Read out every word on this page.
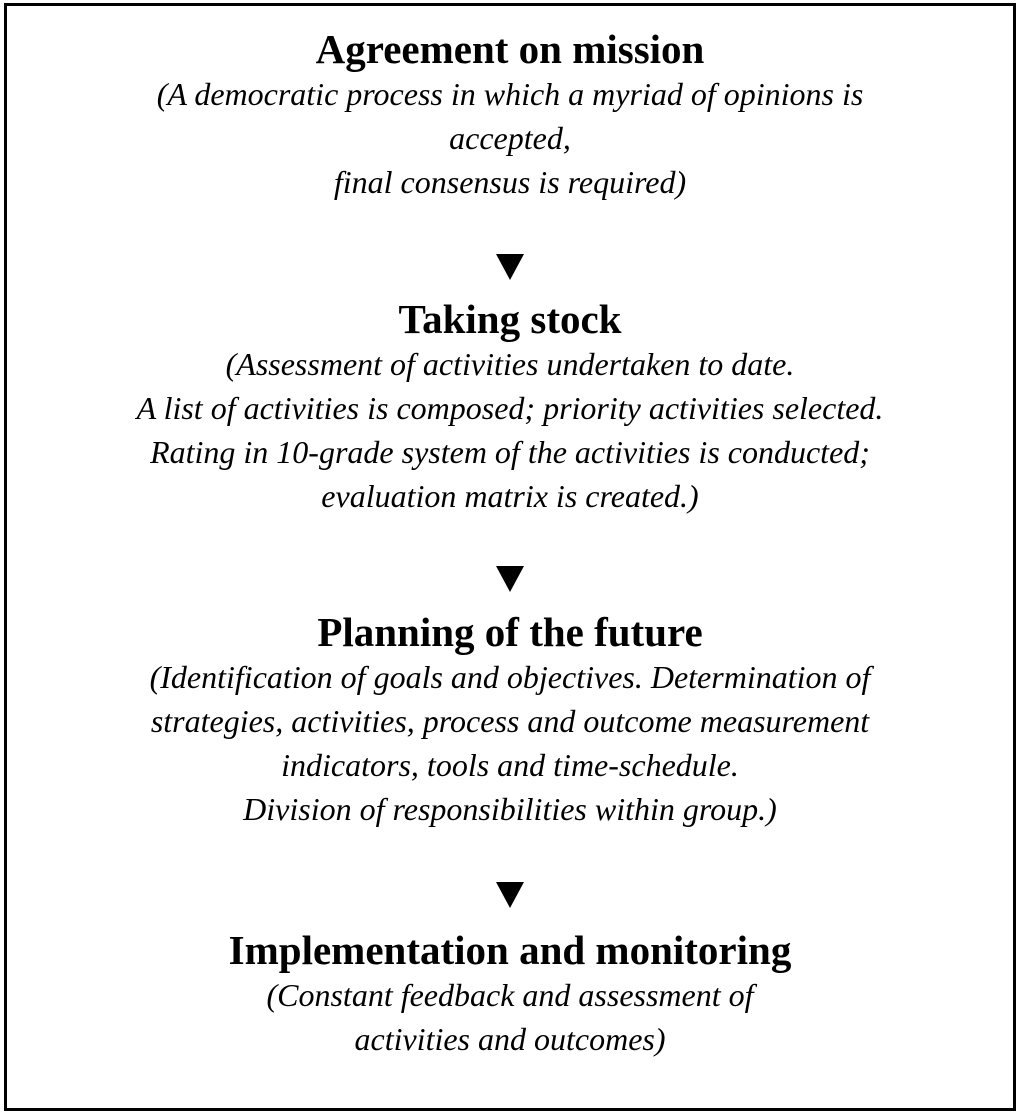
Agreement on mission
(A democratic process in which a myriad of opinions is
accepted,
final consensus is required)
Taking stock
(Assessment of activities undertaken to date.
A list of activities is composed; priority activities selected.
Rating in 10-grade system of the activities is conducted;
evaluation matrix is created.)
Planning of the future
(Identification of goals and objectives. Determination of
strategies, activities, process and outcome measurement
indicators, tools and time-schedule.
Division of responsibilities within group.)
Implementation and monitoring
(Constant feedback and assessment of
activities and outcomes)
